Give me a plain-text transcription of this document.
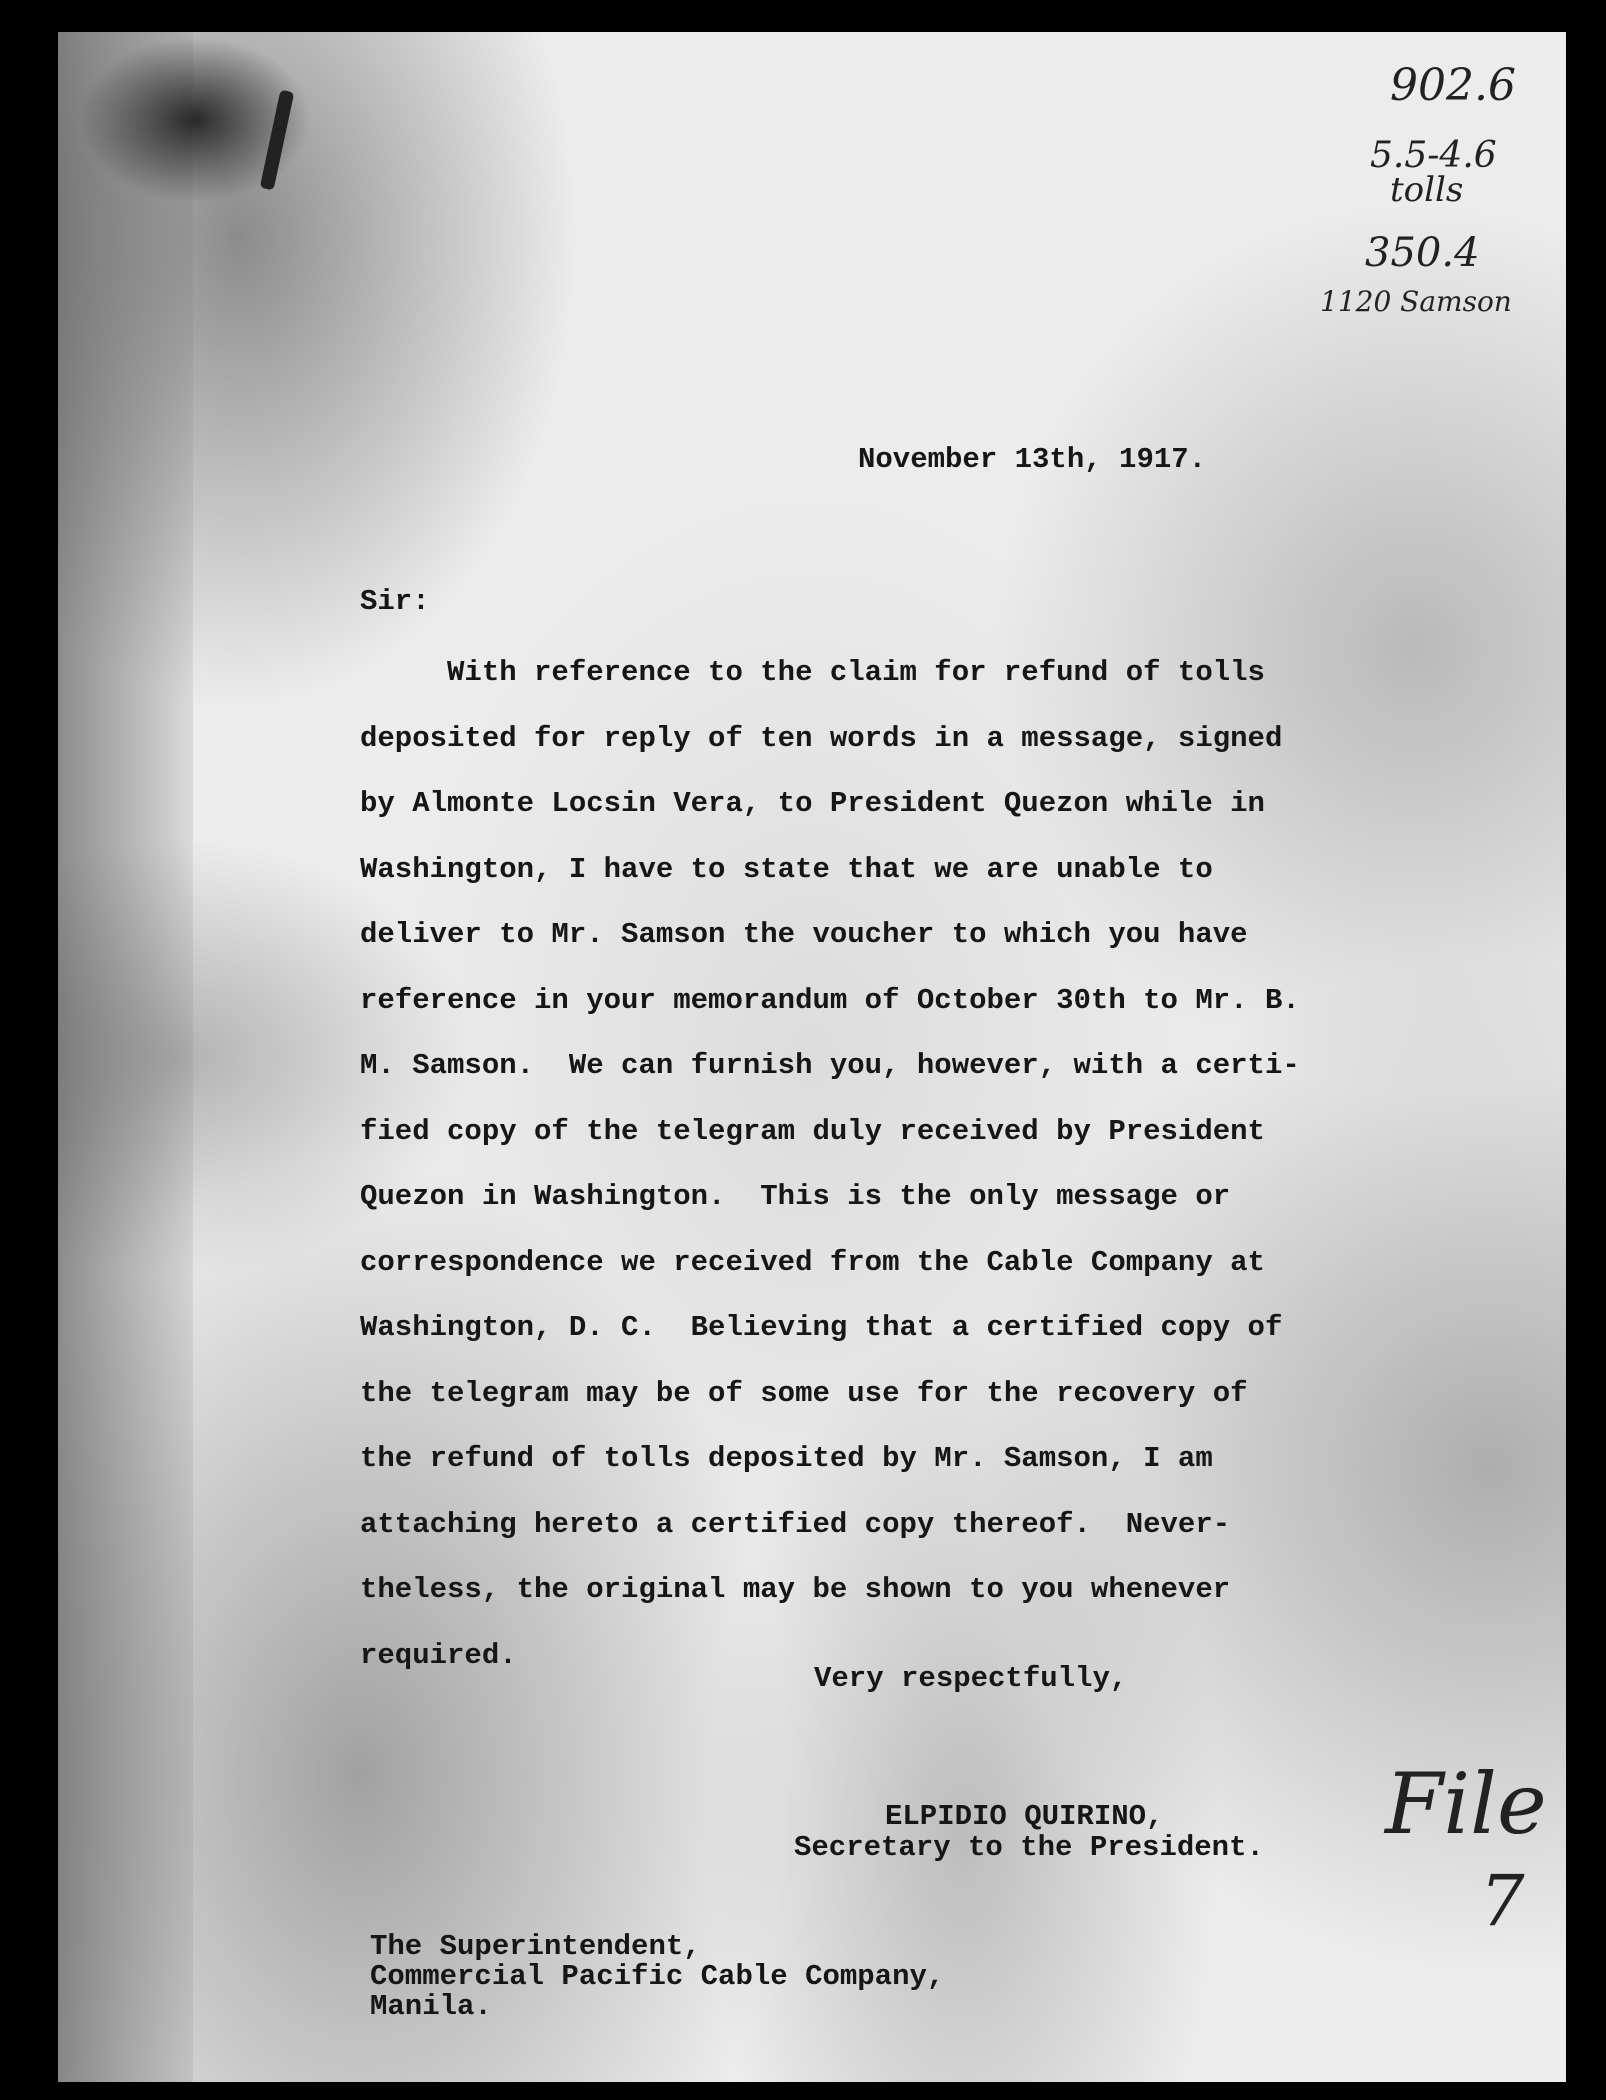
902.6
5.5-4.6
tolls
350.4
1120 Samson

November 13th, 1917.

Sir:

With reference to the claim for refund of tolls
deposited for reply of ten words in a message, signed
by Almonte Locsin Vera, to President Quezon while in
Washington, I have to state that we are unable to
deliver to Mr. Samson the voucher to which you have
reference in your memorandum of October 30th to Mr. B.
M. Samson.  We can furnish you, however, with a certi-
fied copy of the telegram duly received by President
Quezon in Washington.  This is the only message or
correspondence we received from the Cable Company at
Washington, D. C.  Believing that a certified copy of
the telegram may be of some use for the recovery of
the refund of tolls deposited by Mr. Samson, I am
attaching hereto a certified copy thereof.  Never-
theless, the original may be shown to you whenever
required.

Very respectfully,

ELPIDIO QUIRINO,

Secretary to the President.

The Superintendent,

Commercial Pacific Cable Company,

Manila.

File
7
